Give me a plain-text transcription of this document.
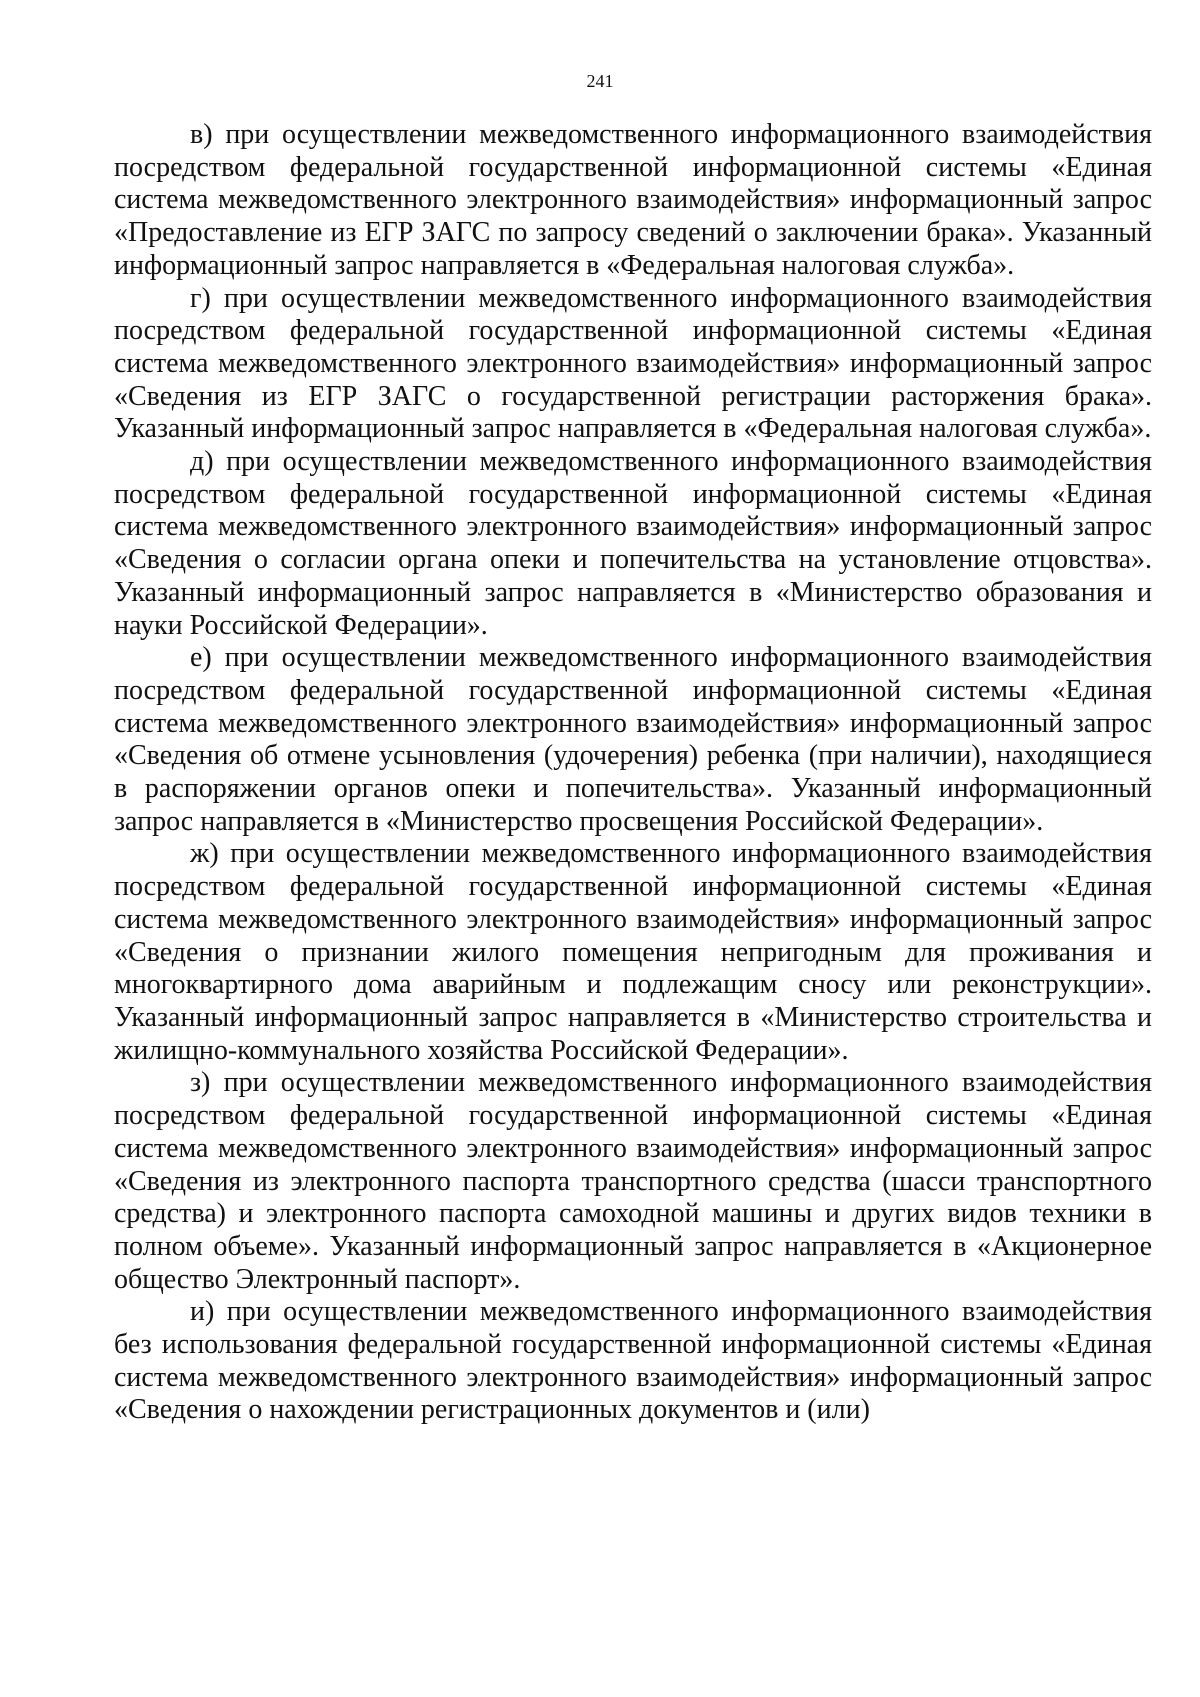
241

в) при осуществлении межведомственного информационного взаимодействия посредством федеральной государственной информационной системы «Единая система межведомственного электронного взаимодействия» информационный запрос «Предоставление из ЕГР ЗАГС по запросу сведений о заключении брака». Указанный информационный запрос направляется в «Федеральная налоговая служба».

г) при осуществлении межведомственного информационного взаимодействия посредством федеральной государственной информационной системы «Единая система межведомственного электронного взаимодействия» информационный запрос «Сведения из ЕГР ЗАГС о государственной регистрации расторжения брака». Указанный информационный запрос направляется в «Федеральная налоговая служба».

д) при осуществлении межведомственного информационного взаимодействия посредством федеральной государственной информационной системы «Единая система межведомственного электронного взаимодействия» информационный запрос «Сведения о согласии органа опеки и попечительства на установление отцовства». Указанный информационный запрос направляется в «Министерство образования и науки Российской Федерации».

е) при осуществлении межведомственного информационного взаимодействия посредством федеральной государственной информационной системы «Единая система межведомственного электронного взаимодействия» информационный запрос «Сведения об отмене усыновления (удочерения) ребенка (при наличии), находящиеся в распоряжении органов опеки и попечительства». Указанный информационный запрос направляется в «Министерство просвещения Российской Федерации».

ж) при осуществлении межведомственного информационного взаимодействия посредством федеральной государственной информационной системы «Единая система межведомственного электронного взаимодействия» информационный запрос «Сведения о признании жилого помещения непригодным для проживания и многоквартирного дома аварийным и подлежащим сносу или реконструкции». Указанный информационный запрос направляется в «Министерство строительства и жилищно-коммунального хозяйства Российской Федерации».

з) при осуществлении межведомственного информационного взаимодействия посредством федеральной государственной информационной системы «Единая система межведомственного электронного взаимодействия» информационный запрос «Сведения из электронного паспорта транспортного средства (шасси транспортного средства) и электронного паспорта самоходной машины и других видов техники в полном объеме». Указанный информационный запрос направляется в «Акционерное общество Электронный паспорт».

и) при осуществлении межведомственного информационного взаимодействия без использования федеральной государственной информационной системы «Единая система межведомственного электронного взаимодействия» информационный запрос «Сведения о нахождении регистрационных документов и (или)
